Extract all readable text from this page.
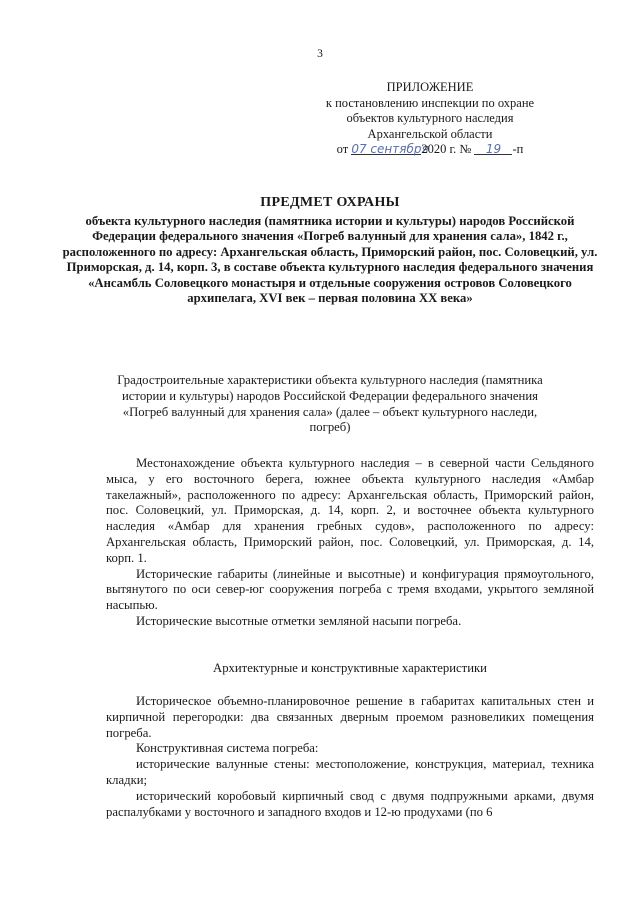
3
ПРИЛОЖЕНИЕ
к постановлению инспекции по охране
объектов культурного наследия
Архангельской области
от 07 сентября2020 г. № 19 -п
ПРЕДМЕТ ОХРАНЫ
объекта культурного наследия (памятника истории и культуры) народов Российской Федерации федерального значения «Погреб валунный для хранения сала», 1842 г., расположенного по адресу: Архангельская область, Приморский район, пос. Соловецкий, ул. Приморская, д. 14, корп. 3, в составе объекта культурного наследия федерального значения «Ансамбль Соловецкого монастыря и отдельные сооружения островов Соловецкого архипелага, XVI век – первая половина XX века»
Градостроительные характеристики объекта культурного наследия (памятника истории и культуры) народов Российской Федерации федерального значения «Погреб валунный для хранения сала» (далее – объект культурного наследи, погреб)

Местонахождение объекта культурного наследия – в северной части Сельдяного мыса, у его восточного берега, южнее объекта культурного наследия «Амбар такелажный», расположенного по адресу: Архангельская область, Приморский район, пос. Соловецкий, ул. Приморская, д. 14, корп. 2, и восточнее объекта культурного наследия «Амбар для хранения гребных судов», расположенного по адресу: Архангельская область, Приморский район, пос. Соловецкий, ул. Приморская, д. 14, корп. 1.

Исторические габариты (линейные и высотные) и конфигурация прямоугольного, вытянутого по оси север-юг сооружения погреба с тремя входами, укрытого земляной насыпью.

Исторические высотные отметки земляной насыпи погреба.

Архитектурные и конструктивные характеристики

Историческое объемно-планировочное решение в габаритах капитальных стен и кирпичной перегородки: два связанных дверным проемом разновеликих помещения погреба.

Конструктивная система погреба:

исторические валунные стены: местоположение, конструкция, материал, техника кладки;

исторический коробовый кирпичный свод с двумя подпружными арками, двумя распалубками у восточного и западного входов и 12-ю продухами (по 6
